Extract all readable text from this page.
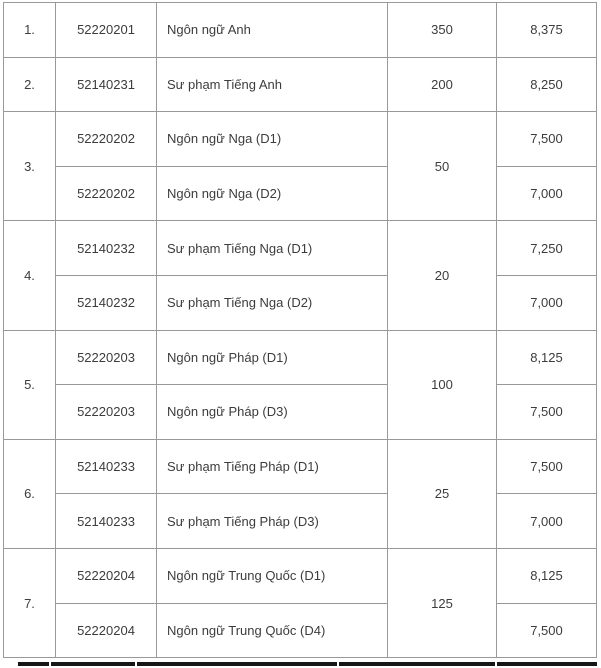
1.	52220201	Ngôn ngữ Anh	350	8,375
2.	52140231	Sư phạm Tiếng Anh	200	8,250
3.	52220202	Ngôn ngữ Nga (D1)	50	7,500
	52220202	Ngôn ngữ Nga (D2)		7,000
4.	52140232	Sư phạm Tiếng Nga (D1)	20	7,250
	52140232	Sư phạm Tiếng Nga (D2)		7,000
5.	52220203	Ngôn ngữ Pháp (D1)	100	8,125
	52220203	Ngôn ngữ Pháp (D3)		7,500
6.	52140233	Sư phạm Tiếng Pháp (D1)	25	7,500
	52140233	Sư phạm Tiếng Pháp (D3)		7,000
7.	52220204	Ngôn ngữ Trung Quốc (D1)	125	8,125
	52220204	Ngôn ngữ Trung Quốc (D4)		7,500
